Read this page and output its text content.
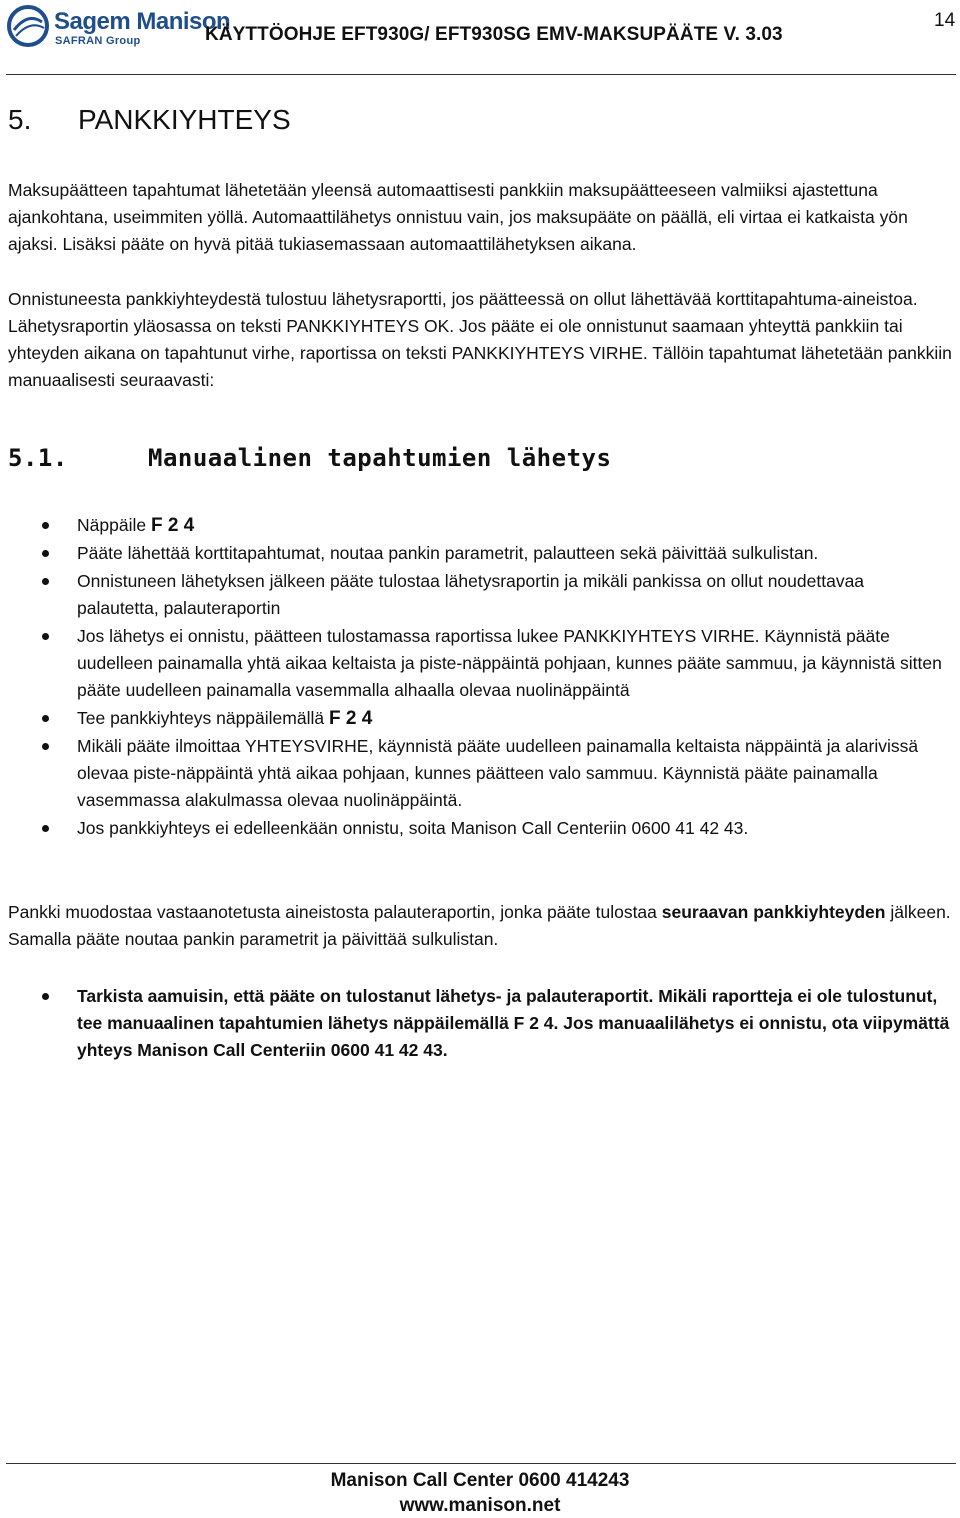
Sagem Manison
SAFRAN Group	KÄYTTÖOHJE EFT930G/ EFT930SG EMV-MAKSUPÄÄTE V. 3.03
14
5. PANKKIYHTEYS

Maksupäätteen tapahtumat lähetetään yleensä automaattisesti pankkiin maksupäätteeseen valmiiksi ajastettuna ajankohtana, useimmiten yöllä. Automaattilähetys onnistuu vain, jos maksupääte on päällä, eli virtaa ei katkaista yön ajaksi. Lisäksi pääte on hyvä pitää tukiasemassaan automaattilähetyksen aikana.

Onnistuneesta pankkiyhteydestä tulostuu lähetysraportti, jos päätteessä on ollut lähettävää korttitapahtuma-aineistoa. Lähetysraportin yläosassa on teksti PANKKIYHTEYS OK. Jos pääte ei ole onnistunut saamaan yhteyttä pankkiin tai yhteyden aikana on tapahtunut virhe, raportissa on teksti PANKKIYHTEYS VIRHE. Tällöin tapahtumat lähetetään pankkiin manuaalisesti seuraavasti:

5.1.	Manuaalinen tapahtumien lähetys
Näppäile F 2 4
Pääte lähettää korttitapahtumat, noutaa pankin parametrit, palautteen sekä päivittää sulkulistan.
Onnistuneen lähetyksen jälkeen pääte tulostaa lähetysraportin ja mikäli pankissa on ollut noudettavaa palautetta, palauteraportin
Jos lähetys ei onnistu, päätteen tulostamassa raportissa lukee PANKKIYHTEYS VIRHE. Käynnistä pääte uudelleen painamalla yhtä aikaa keltaista ja piste-näppäintä pohjaan, kunnes pääte sammuu, ja käynnistä sitten pääte uudelleen painamalla vasemmalla alhaalla olevaa nuolinäppäintä
Tee pankkiyhteys näppäilemällä F 2 4
Mikäli pääte ilmoittaa YHTEYSVIRHE, käynnistä pääte uudelleen painamalla keltaista näppäintä ja alarivissä olevaa piste-näppäintä yhtä aikaa pohjaan, kunnes päätteen valo sammuu. Käynnistä pääte painamalla vasemmassa alakulmassa olevaa nuolinäppäintä.
Jos pankkiyhteys ei edelleenkään onnistu, soita Manison Call Centeriin 0600 41 42 43.

Pankki muodostaa vastaanotetusta aineistosta palauteraportin, jonka pääte tulostaa seuraavan pankkiyhteyden jälkeen. Samalla pääte noutaa pankin parametrit ja päivittää sulkulistan.

Tarkista aamuisin, että pääte on tulostanut lähetys- ja palauteraportit. Mikäli raportteja ei ole tulostunut, tee manuaalinen tapahtumien lähetys näppäilemällä F 2 4. Jos manuaalilähetys ei onnistu, ota viipymättä yhteys Manison Call Centeriin 0600 41 42 43.
Manison Call Center 0600 414243
www.manison.net
